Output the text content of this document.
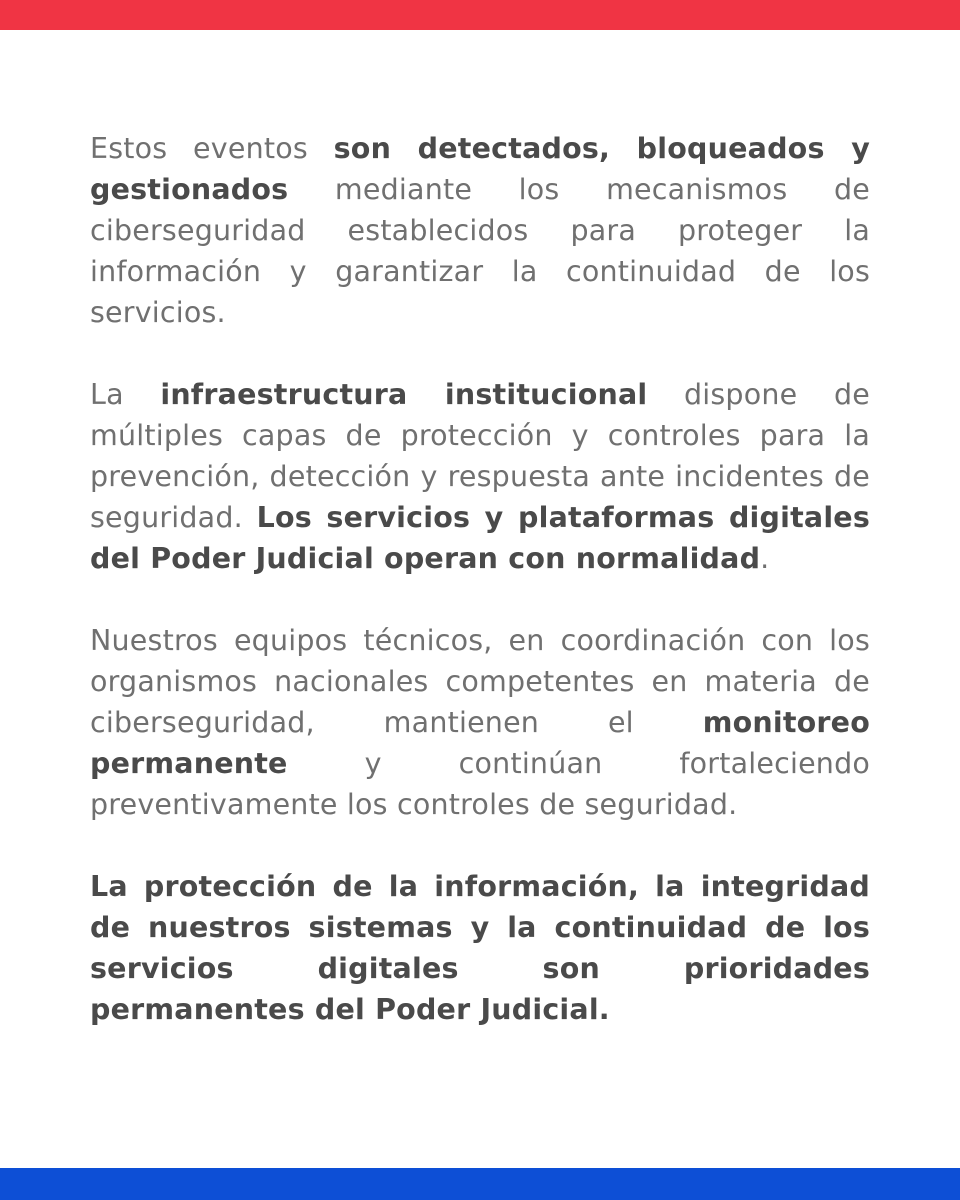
Estos eventos son detectados, bloqueados y gestionados mediante los mecanismos de ciberseguridad establecidos para proteger la información y garantizar la continuidad de los servicios.

La infraestructura institucional dispone de múltiples capas de protección y controles para la prevención, detección y respuesta ante incidentes de seguridad. Los servicios y plataformas digitales del Poder Judicial operan con normalidad.

Nuestros equipos técnicos, en coordinación con los organismos nacionales competentes en materia de ciberseguridad, mantienen el monitoreo permanente y continúan fortaleciendo preventivamente los controles de seguridad.

La protección de la información, la integridad de nuestros sistemas y la continuidad de los servicios digitales son prioridades permanentes del Poder Judicial.
